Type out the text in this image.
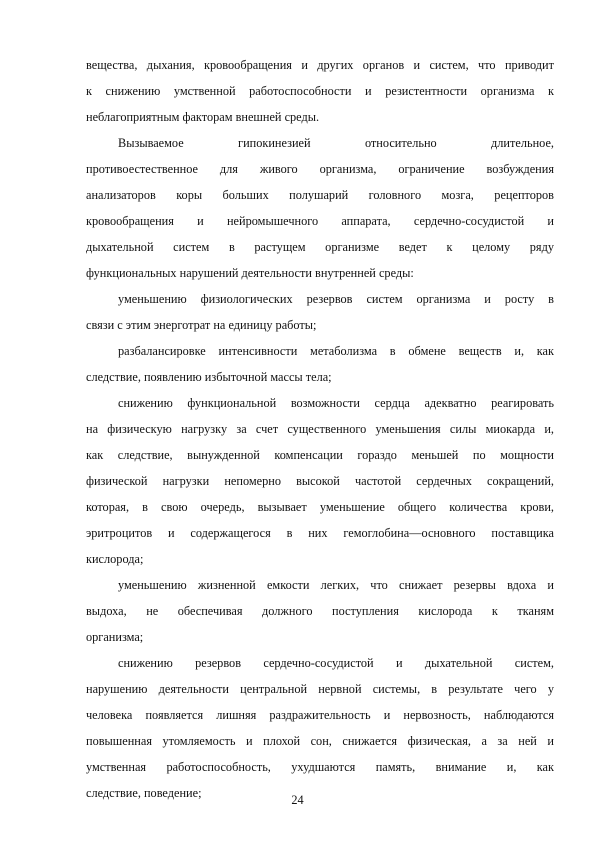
вещества, дыхания, кровообращения и других органов и систем, что приводит
к снижению умственной работоспособности и резистентности организма к
неблагоприятным факторам внешней среды.
Вызываемое гипокинезией относительно длительное,
противоестественное для живого организма, ограничение возбуждения
анализаторов коры больших полушарий головного мозга, рецепторов
кровообращения и нейромышечного аппарата, сердечно-сосудистой и
дыхательной систем в растущем организме ведет к целому ряду
функциональных нарушений деятельности внутренней среды:
уменьшению физиологических резервов систем организма и росту в
связи с этим энерготрат на единицу работы;
разбалансировке интенсивности метаболизма в обмене веществ и, как
следствие, появлению избыточной массы тела;
снижению функциональной возможности сердца адекватно реагировать
на физическую нагрузку за счет существенного уменьшения силы миокарда и,
как следствие, вынужденной компенсации гораздо меньшей по мощности
физической нагрузки непомерно высокой частотой сердечных сокращений,
которая, в свою очередь, вызывает уменьшение общего количества крови,
эритроцитов и содержащегося в них гемоглобина—основного поставщика
кислорода;
уменьшению жизненной емкости легких, что снижает резервы вдоха и
выдоха, не обеспечивая должного поступления кислорода к тканям
организма;
снижению резервов сердечно-сосудистой и дыхательной систем,
нарушению деятельности центральной нервной системы, в результате чего у
человека появляется лишняя раздражительность и нервозность, наблюдаются
повышенная утомляемость и плохой сон, снижается физическая, а за ней и
умственная работоспособность, ухудшаются память, внимание и, как
следствие, поведение;	24
